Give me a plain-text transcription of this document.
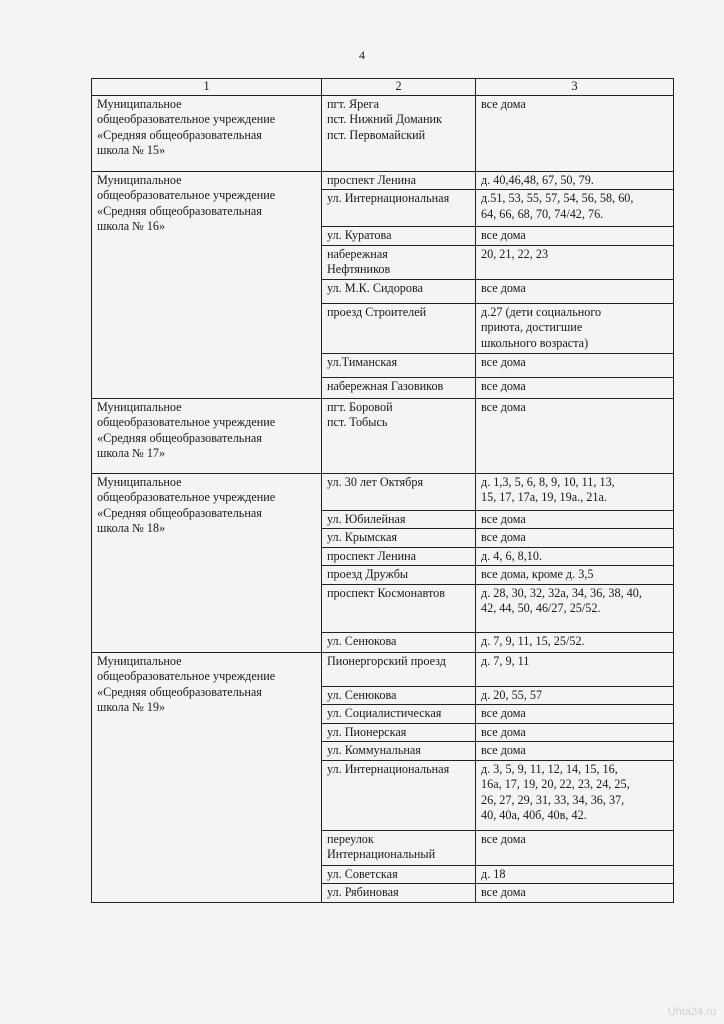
4
1	2	3
Муниципальное
общеобразовательное учреждение
«Средняя общеобразовательная
школа № 15»	пгт. Ярега
пст. Нижний Доманик
пст. Первомайский	все дома
Муниципальное
общеобразовательное учреждение
«Средняя общеобразовательная
школа № 16»	проспект Ленина	д. 40,46,48, 67, 50, 79.
	ул. Интернациональная	д.51, 53, 55, 57, 54, 56, 58, 60,
64, 66, 68, 70, 74/42, 76.
	ул. Куратова	все дома
	набережная
Нефтяников	20, 21, 22, 23
	ул. М.К. Сидорова	все дома
	проезд Строителей	д.27 (дети социального
приюта, достигшие
школьного возраста)
	ул.Тиманская	все дома
	набережная Газовиков	все дома
Муниципальное
общеобразовательное учреждение
«Средняя общеобразовательная
школа № 17»	пгт. Боровой
пст. Тобысь	все дома
Муниципальное
общеобразовательное учреждение
«Средняя общеобразовательная
школа № 18»	ул. 30 лет Октября	д. 1,3, 5, 6, 8, 9, 10, 11, 13,
15, 17, 17а, 19, 19а., 21а.
	ул. Юбилейная	все дома
	ул. Крымская	все дома
	проспект Ленина	д. 4, 6, 8,10.
	проезд Дружбы	все дома, кроме д. 3,5
	проспект Космонавтов	д. 28, 30, 32, 32а, 34, 36, 38, 40,
42, 44, 50, 46/27, 25/52.
	ул. Сенюкова	д. 7, 9, 11, 15, 25/52.
Муниципальное
общеобразовательное учреждение
«Средняя общеобразовательная
школа № 19»	Пионергорский проезд	д. 7, 9, 11
	ул. Сенюкова	д. 20, 55, 57
	ул. Социалистическая	все дома
	ул. Пионерская	все дома
	ул. Коммунальная	все дома
	ул. Интернациональная	д. 3, 5, 9, 11, 12, 14, 15, 16,
16а, 17, 19, 20, 22, 23, 24, 25,
26, 27, 29, 31, 33, 34, 36, 37,
40, 40а, 40б, 40в, 42.
	переулок
Интернациональный	все дома
	ул. Советская	д. 18
	ул. Рябиновая	все дома
Uhta24.ru
